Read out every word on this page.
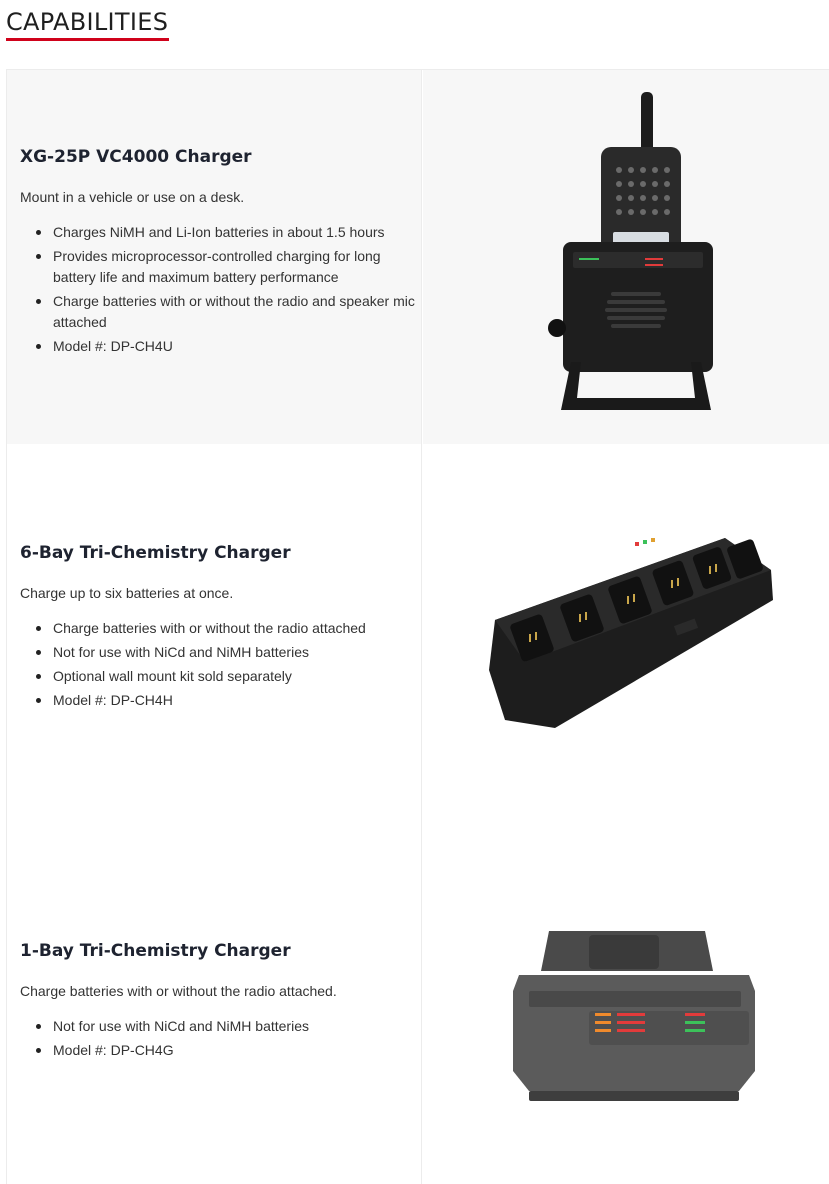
CAPABILITIES
XG-25P VC4000 Charger

Mount in a vehicle or use on a desk.

Charges NiMH and Li-Ion batteries in about 1.5 hours
Provides microprocessor-controlled charging for long battery life and maximum battery performance
Charge batteries with or without the radio and speaker mic attached
Model #: DP-CH4U
6-Bay Tri-Chemistry Charger

Charge up to six batteries at once.

Charge batteries with or without the radio attached
Not for use with NiCd and NiMH batteries
Optional wall mount kit sold separately
Model #: DP-CH4H
1-Bay Tri-Chemistry Charger

Charge batteries with or without the radio attached.

Not for use with NiCd and NiMH batteries
Model #: DP-CH4G
